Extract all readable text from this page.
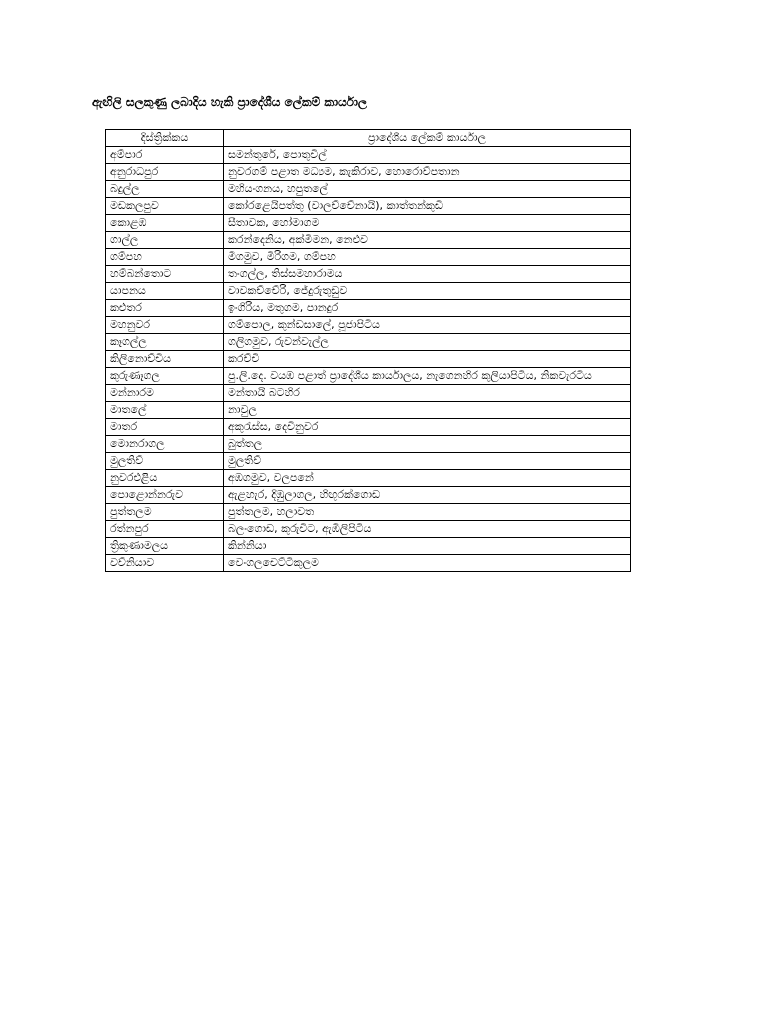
ඇඟිලි සලකුණු ලබාදිය හැකි ප්‍රාදේශීය ලේකම් කාර්යාල
දිස්ත්‍රික්කය	ප්‍රාදේශීය ලේකම් කාර්යාල
අම්පාර	සමන්තුරේ, පොතුවිල්
අනුරාධපුර	නුවරගම් පළාත මධ්‍යම, කැකිරාව, හොරොව්පතාන
බදුල්ල	මහියංගනය, හපුතලේ
මඩකලපුව	කෝරළෙයිපත්තු (වාලච්චේනායි), කාත්තන්කුඩි
කොළඹ	සීතාවක, හෝමාගම
ගාල්ල	කරන්දෙනිය, අක්මීමන, නෙළුව
ගම්පහ	මීගමුව, මීරිගම, ගම්පහ
හම්බන්තොට	තංගල්ල, තිස්සමහාරාමය
යාපනය	වාවකච්චේරි, ජේදුරුතුඩුව
කළුතර	ඉංගිරිය, මතුගම, පානදුර
මහනුවර	ගම්පොල, කුන්ඩසාලේ, පූජාපිටිය
කෑගල්ල	ගලිගමුව, රුවන්වැල්ල
කිලිනොච්චිය	කරච්චි
කුරුණෑගල	පු.ලි.දෙ. වයඹ පළාත් ප්‍රාදේශීය කාර්යාලය, නැගෙනහිර කුලියාපිටිය, නිකවැරටිය
මන්නාරම	මන්තායි බටහිර
මාතලේ	නාවුල
මාතර	අකුරැස්ස, දෙවිනුවර
මොනරාගල	බුත්තල
මුලතිව්	මුලතිව්
නුවරඑළිය	අඹගමුව, වලපනේ
පොළොන්නරුව	ඇළහැර, දිඹුලාගල, හිඟුරක්ගොඩ
පුත්තලම	පුත්තලම, හලාවත
රත්නපුර	බලංගොඩ, කුරුවිට, ඇඹිලිපිටිය
ත්‍රිකුණාමලය	කින්නියා
වව්නියාව	වෙංගලචෙට්ටිකුලම
